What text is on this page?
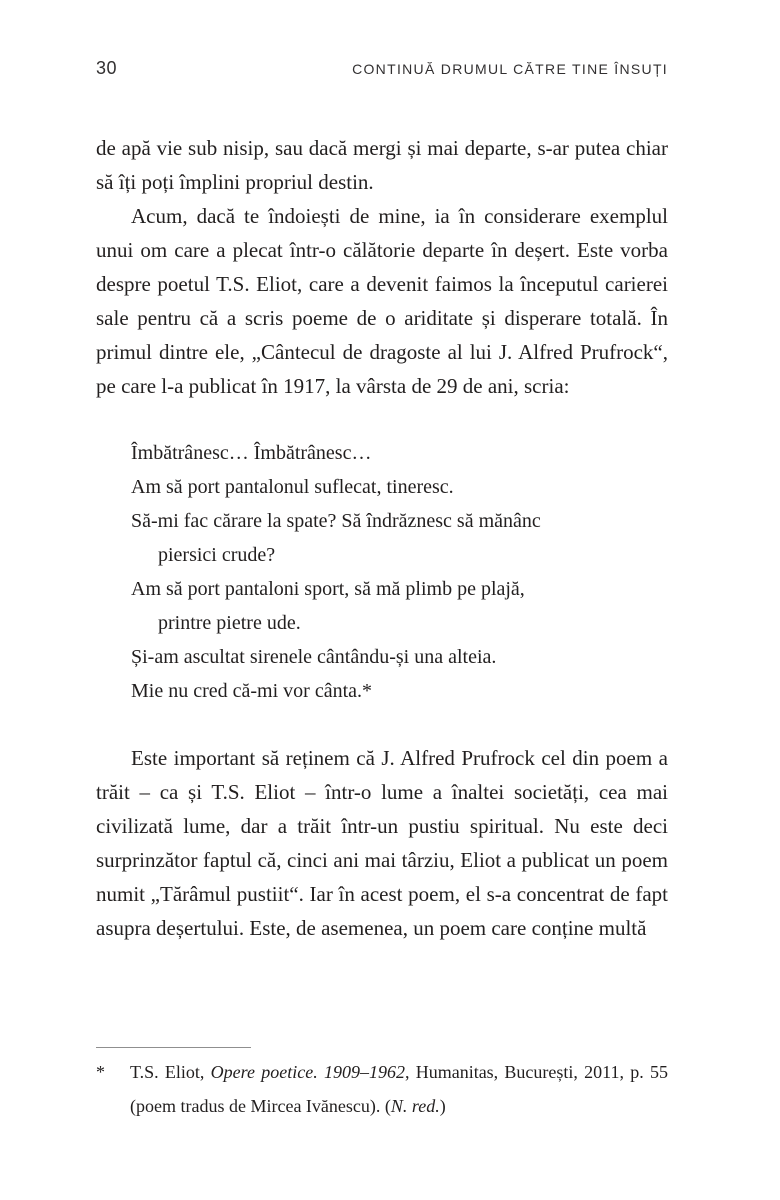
30	CONTINUĂ DRUMUL CĂTRE TINE ÎNSUȚI

de apă vie sub nisip, sau dacă mergi și mai departe, s-ar putea chiar să îți poți împlini propriul destin.

Acum, dacă te îndoiești de mine, ia în considerare exemplul unui om care a plecat într-o călătorie departe în deșert. Este vorba despre poetul T.S. Eliot, care a devenit faimos la începutul carierei sale pentru că a scris poeme de o ariditate și disperare totală. În primul dintre ele, „Cântecul de dragoste al lui J. Alfred Prufrock“, pe care l-a publicat în 1917, la vârsta de 29 de ani, scria:

Îmbătrânesc… Îmbătrânesc…
Am să port pantalonul suflecat, tineresc.
Să-mi fac cărare la spate? Să îndrăznesc să mănânc
piersici crude?
Am să port pantaloni sport, să mă plimb pe plajă,
printre pietre ude.
Și-am ascultat sirenele cântându-și una alteia.
Mie nu cred că-mi vor cânta.*

Este important să reținem că J. Alfred Prufrock cel din poem a trăit – ca și T.S. Eliot – într-o lume a înaltei societăți, cea mai civilizată lume, dar a trăit într-un pustiu spiritual. Nu este deci surprinzător faptul că, cinci ani mai târziu, Eliot a publicat un poem numit „Tărâmul pustiit“. Iar în acest poem, el s-a concentrat de fapt asupra deșertului. Este, de asemenea, un poem care conține multă

* T.S. Eliot, Opere poetice. 1909–1962, Humanitas, București, 2011, p. 55 (poem tradus de Mircea Ivănescu). (N. red.)
